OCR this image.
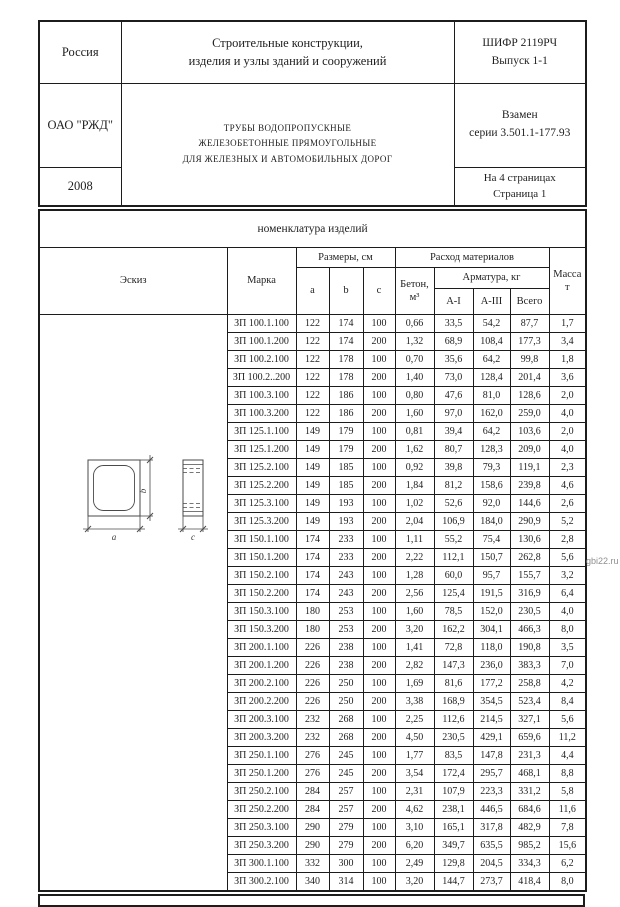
Россия	Строительные конструкции,
изделия и узлы зданий и сооружений	ШИФР 2119РЧ
Выпуск 1-1
ОАО "РЖД"	ТРУБЫ ВОДОПРОПУСКНЫЕ
ЖЕЛЕЗОБЕТОННЫЕ ПРЯМОУГОЛЬНЫЕ
ДЛЯ ЖЕЛЕЗНЫХ И АВТОМОБИЛЬНЫХ ДОРОГ	Взамен
серии 3.501.1-177.93
2008		На 4 страницах
Страница 1
номенклатура изделий									
Эскиз	Марка	Размеры, см			Расход материалов				Масса
т
		a	b	c	Бетон,
м³	Арматура, кг			
						A-I	A-III	Всего	

b
a c	ЗП 100.1.100	122	174	100	0,66	33,5	54,2	87,7	1,7
	ЗП 100.1.200	122	174	200	1,32	68,9	108,4	177,3	3,4
	ЗП 100.2.100	122	178	100	0,70	35,6	64,2	99,8	1,8
	ЗП 100.2..200	122	178	200	1,40	73,0	128,4	201,4	3,6
	ЗП 100.3.100	122	186	100	0,80	47,6	81,0	128,6	2,0
	ЗП 100.3.200	122	186	200	1,60	97,0	162,0	259,0	4,0
	ЗП 125.1.100	149	179	100	0,81	39,4	64,2	103,6	2,0
	ЗП 125.1.200	149	179	200	1,62	80,7	128,3	209,0	4,0
	ЗП 125.2.100	149	185	100	0,92	39,8	79,3	119,1	2,3
	ЗП 125.2.200	149	185	200	1,84	81,2	158,6	239,8	4,6
	ЗП 125.3.100	149	193	100	1,02	52,6	92,0	144,6	2,6
	ЗП 125.3.200	149	193	200	2,04	106,9	184,0	290,9	5,2
	ЗП 150.1.100	174	233	100	1,11	55,2	75,4	130,6	2,8
	ЗП 150.1.200	174	233	200	2,22	112,1	150,7	262,8	5,6
	ЗП 150.2.100	174	243	100	1,28	60,0	95,7	155,7	3,2
	ЗП 150.2.200	174	243	200	2,56	125,4	191,5	316,9	6,4
	ЗП 150.3.100	180	253	100	1,60	78,5	152,0	230,5	4,0
	ЗП 150.3.200	180	253	200	3,20	162,2	304,1	466,3	8,0
	ЗП 200.1.100	226	238	100	1,41	72,8	118,0	190,8	3,5
	ЗП 200.1.200	226	238	200	2,82	147,3	236,0	383,3	7,0
	ЗП 200.2.100	226	250	100	1,69	81,6	177,2	258,8	4,2
	ЗП 200.2.200	226	250	200	3,38	168,9	354,5	523,4	8,4
	ЗП 200.3.100	232	268	100	2,25	112,6	214,5	327,1	5,6
	ЗП 200.3.200	232	268	200	4,50	230,5	429,1	659,6	11,2
	ЗП 250.1.100	276	245	100	1,77	83,5	147,8	231,3	4,4
	ЗП 250.1.200	276	245	200	3,54	172,4	295,7	468,1	8,8
	ЗП 250.2.100	284	257	100	2,31	107,9	223,3	331,2	5,8
	ЗП 250.2.200	284	257	200	4,62	238,1	446,5	684,6	11,6
	ЗП 250.3.100	290	279	100	3,10	165,1	317,8	482,9	7,8
	ЗП 250.3.200	290	279	200	6,20	349,7	635,5	985,2	15,6
	ЗП 300.1.100	332	300	100	2,49	129,8	204,5	334,3	6,2
	ЗП 300.2.100	340	314	100	3,20	144,7	273,7	418,4	8,0
gbi22.ru
